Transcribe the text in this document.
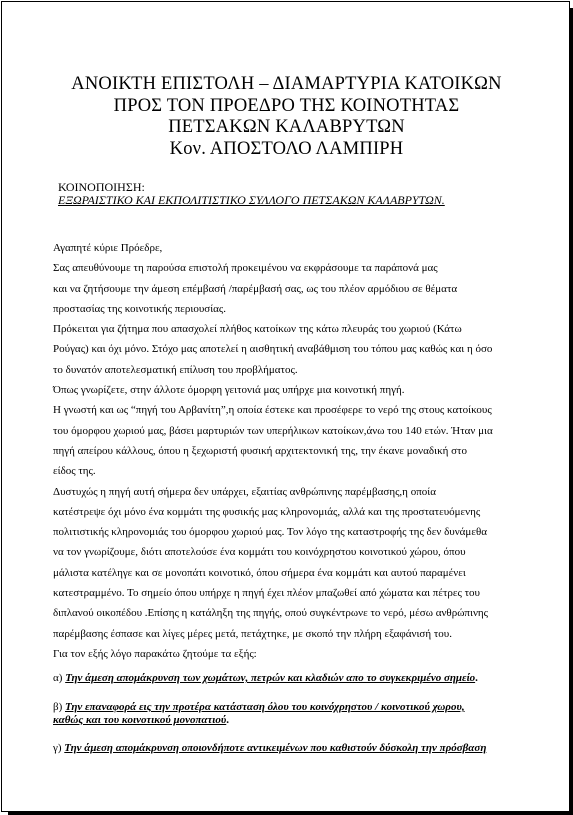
ΑΝΟΙΚΤΗ ΕΠΙΣΤΟΛΗ – ΔΙΑΜΑΡΤΥΡΙΑ ΚΑΤΟΙΚΩΝ
ΠΡΟΣ ΤΟΝ ΠΡΟΕΔΡΟ ΤΗΣ ΚΟΙΝΟΤΗΤΑΣ
ΠΕΤΣΑΚΩΝ ΚΑΛΑΒΡΥΤΩΝ
Κον. ΑΠΟΣΤΟΛΟ ΛΑΜΠΙΡΗ
ΚΟΙΝΟΠΟΙΗΣΗ:
ΕΞΩΡΑΙΣΤΙΚΟ ΚΑΙ ΕΚΠΟΛΙΤΙΣΤΙΚΟ ΣΥΛΛΟΓΟ ΠΕΤΣΑΚΩΝ ΚΑΛΑΒΡΥΤΩΝ.
Αγαπητέ κύριε Πρόεδρε,
Σας απευθύνουμε τη παρούσα επιστολή προκειμένου να εκφράσουμε τα παράπονά μας
και να ζητήσουμε την άμεση επέμβασή /παρέμβασή σας, ως του πλέον αρμόδιου σε θέματα
προστασίας της κοινοτικής περιουσίας.
Πρόκειται για ζήτημα που απασχολεί πλήθος κατοίκων της κάτω πλευράς του χωριού (Κάτω
Ρούγας) και όχι μόνο. Στόχο μας αποτελεί η αισθητική αναβάθμιση του τόπου μας καθώς και η όσο
το δυνατόν αποτελεσματική επίλυση του προβλήματος.
Όπως γνωρίζετε, στην άλλοτε όμορφη γειτονιά μας υπήρχε μια κοινοτική πηγή.
Η γνωστή και ως “πηγή του Αρβανίτη”,η οποία έστεκε και προσέφερε το νερό της στους κατοίκους
του όμορφου χωριού μας, βάσει μαρτυριών των υπερήλικων κατοίκων,άνω του 140 ετών. Ήταν μια
πηγή απείρου κάλλους, όπου η ξεχωριστή φυσική αρχιτεκτονική της, την έκανε μοναδική στο
είδος της.
Δυστυχώς η πηγή αυτή σήμερα δεν υπάρχει, εξαιτίας ανθρώπινης παρέμβασης,η οποία
κατέστρεψε όχι μόνο ένα κομμάτι της φυσικής μας κληρονομιάς, αλλά και της προστατευόμενης
πολιτιστικής κληρονομιάς του όμορφου χωριού μας. Τον λόγο της καταστροφής της δεν δυνάμεθα
να τον γνωρίζουμε, διότι αποτελούσε ένα κομμάτι του κοινόχρηστου κοινοτικού χώρου, όπου
μάλιστα κατέληγε και σε μονοπάτι κοινοτικό, όπου σήμερα ένα κομμάτι και αυτού παραμένει
κατεστραμμένο. Το σημείο όπου υπήρχε η πηγή έχει πλέον μπαζωθεί από χώματα και πέτρες του
διπλανού οικοπέδου .Επίσης η κατάληξη της πηγής, οπού συγκέντρωνε το νερό, μέσω ανθρώπινης
παρέμβασης έσπασε και λίγες μέρες μετά, πετάχτηκε, με σκοπό την πλήρη εξαφάνισή του.
Για τον εξής λόγο παρακάτω ζητούμε τα εξής:
α) Την άμεση απομάκρυνση των χωμάτων, πετρών και κλαδιών απο το συγκεκριμένο σημείο.
β) Την επαναφορά εις την προτέρα κατάσταση όλου του κοινόχρηστου / κοινοτικού χωρου,
καθώς και του κοινοτικού μονοπατιού.
γ) Την άμεση απομάκρυνση οποιονδήποτε αντικειμένων που καθιστούν δύσκολη την πρόσβαση
